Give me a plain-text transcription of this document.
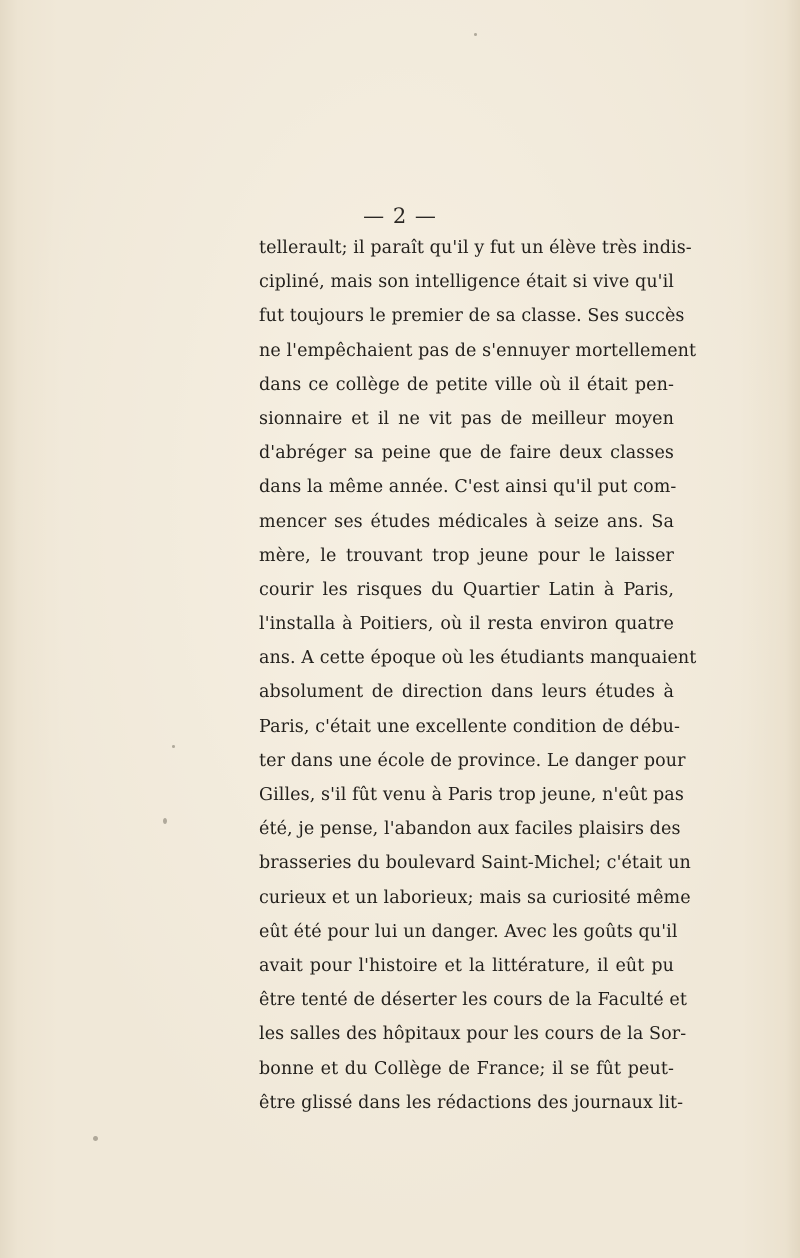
— 2 —
tellerault; il paraît qu'il y fut un élève très indis-
cipliné, mais son intelligence était si vive qu'il
fut toujours le premier de sa classe. Ses succès
ne l'empêchaient pas de s'ennuyer mortellement
dans ce collège de petite ville où il était pen-
sionnaire et il ne vit pas de meilleur moyen
d'abréger sa peine que de faire deux classes
dans la même année. C'est ainsi qu'il put com-
mencer ses études médicales à seize ans. Sa
mère, le trouvant trop jeune pour le laisser
courir les risques du Quartier Latin à Paris,
l'installa à Poitiers, où il resta environ quatre
ans. A cette époque où les étudiants manquaient
absolument de direction dans leurs études à
Paris, c'était une excellente condition de débu-
ter dans une école de province. Le danger pour
Gilles, s'il fût venu à Paris trop jeune, n'eût pas
été, je pense, l'abandon aux faciles plaisirs des
brasseries du boulevard Saint-Michel; c'était un
curieux et un laborieux; mais sa curiosité même
eût été pour lui un danger. Avec les goûts qu'il
avait pour l'histoire et la littérature, il eût pu
être tenté de déserter les cours de la Faculté et
les salles des hôpitaux pour les cours de la Sor-
bonne et du Collège de France; il se fût peut-
être glissé dans les rédactions des journaux lit-
